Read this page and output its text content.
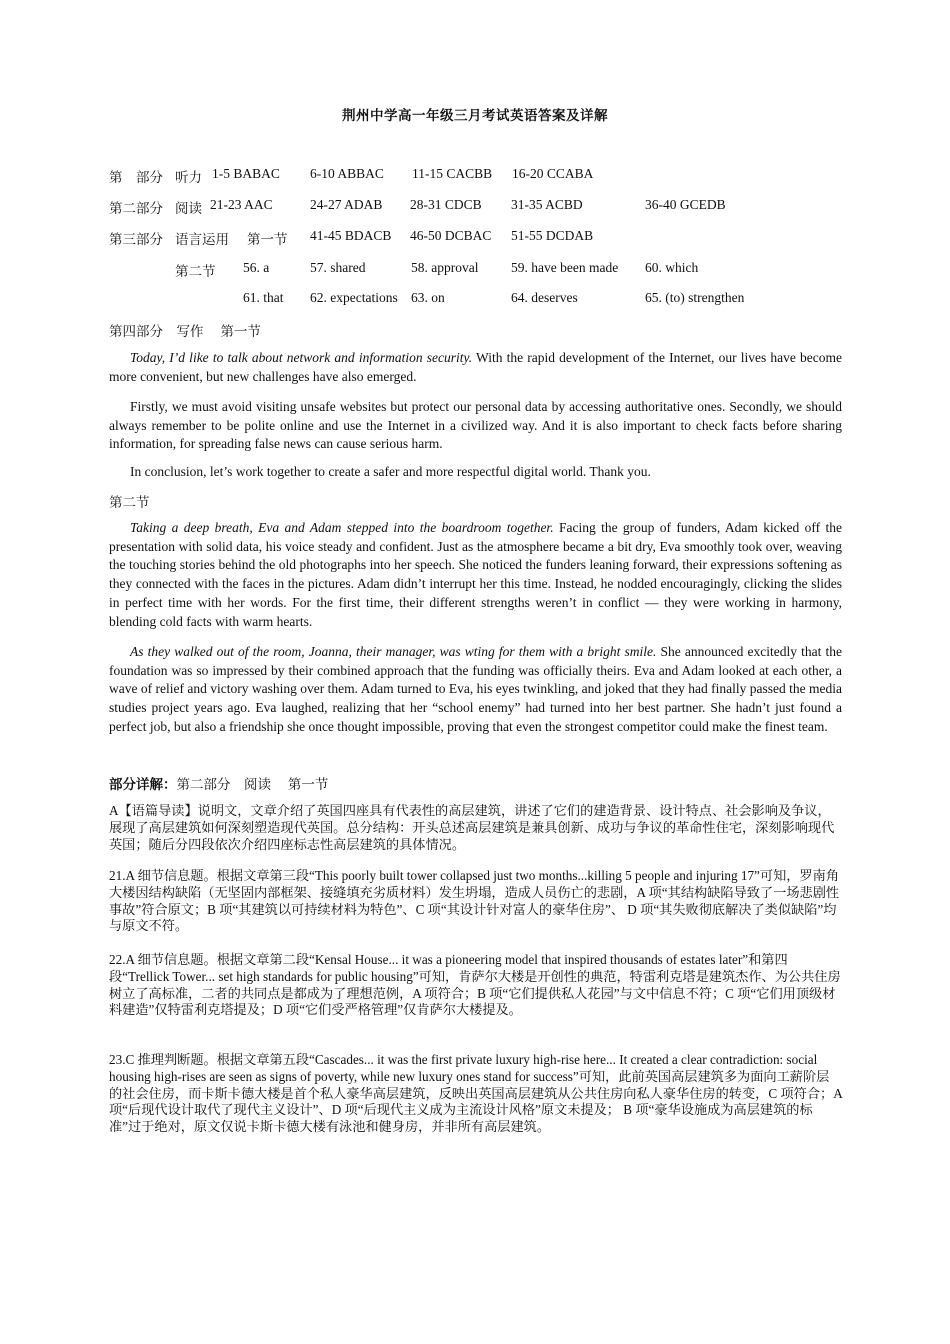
荆州中学高一年级三月考试英语答案及详解
第　部分 听力 1-5 BABAC 6-10 ABBAC 11-15 CACBB 16-20 CCABA
第二部分 阅读 21-23 AAC	24-27 ADAB 28-31 CDCB 31-35 ACBD	36-40 GCEDB
第三部分 语言运用 第一节 41-45 BDACB 46-50 DCBAC 51-55 DCDAB
第二节 56. a	57. shared	58. approval 59. have been made 60. which
61. that 62. expectations 63. on	64. deserves	65. (to) strengthen
第四部分　写作　 第一节

Today, I’d like to talk about network and information security. With the rapid development of the Internet, our lives have become more convenient, but new challenges have also emerged.

Firstly, we must avoid visiting unsafe websites but protect our personal data by accessing authoritative ones. Secondly, we should always remember to be polite online and use the Internet in a civilized way. And it is also important to check facts before sharing information, for spreading false news can cause serious harm.

In conclusion, let’s work together to create a safer and more respectful digital world. Thank you.

第二节

Taking a deep breath, Eva and Adam stepped into the boardroom together. Facing the group of funders, Adam kicked off the presentation with solid data, his voice steady and confident. Just as the atmosphere became a bit dry, Eva smoothly took over, weaving the touching stories behind the old photographs into her speech. She noticed the funders leaning forward, their expressions softening as they connected with the faces in the pictures. Adam didn’t interrupt her this time. Instead, he nodded encouragingly, clicking the slides in perfect time with her words. For the first time, their different strengths weren’t in conflict — they were working in harmony, blending cold facts with warm hearts.

As they walked out of the room, Joanna, their manager, was wting for them with a bright smile. She announced excitedly that the foundation was so impressed by their combined approach that the funding was officially theirs. Eva and Adam looked at each other, a wave of relief and victory washing over them. Adam turned to Eva, his eyes twinkling, and joked that they had finally passed the media studies project years ago. Eva laughed, realizing that her “school enemy” had turned into her best partner. She hadn’t just found a perfect job, but also a friendship she once thought impossible, proving that even the strongest competitor could make the finest team.

部分详解：第二部分　阅读　 第一节

A【语篇导读】说明文，文章介绍了英国四座具有代表性的高层建筑，讲述了它们的建造背景、设计特点、社会影响及争议，展现了高层建筑如何深刻塑造现代英国。总分结构：开头总述高层建筑是兼具创新、成功与争议的革命性住宅，深刻影响现代英国；随后分四段依次介绍四座标志性高层建筑的具体情况。

21.A 细节信息题。根据文章第三段“This poorly built tower collapsed just two months...killing 5 people and injuring 17”可知，罗南角大楼因结构缺陷（无坚固内部框架、接缝填充劣质材料）发生坍塌，造成人员伤亡的悲剧，A 项“其结构缺陷导致了一场悲剧性事故”符合原文；B 项“其建筑以可持续材料为特色”、C 项“其设计针对富人的豪华住房”、 D 项“其失败彻底解决了类似缺陷”均与原文不符。

22.A 细节信息题。根据文章第二段“Kensal House... it was a pioneering model that inspired thousands of estates later”和第四段“Trellick Tower... set high standards for public housing”可知，肯萨尔大楼是开创性的典范，特雷利克塔是建筑杰作、为公共住房树立了高标准，二者的共同点是都成为了理想范例，A 项符合；B 项“它们提供私人花园”与文中信息不符；C 项“它们用顶级材料建造”仅特雷利克塔提及；D 项“它们受严格管理”仅肯萨尔大楼提及。

23.C 推理判断题。根据文章第五段“Cascades... it was the first private luxury high-rise here... It created a clear contradiction: social housing high-rises are seen as signs of poverty, while new luxury ones stand for success”可知，此前英国高层建筑多为面向工薪阶层的社会住房，而卡斯卡德大楼是首个私人豪华高层建筑，反映出英国高层建筑从公共住房向私人豪华住房的转变，C 项符合；A 项“后现代设计取代了现代主义设计”、D 项“后现代主义成为主流设计风格”原文未提及； B 项“豪华设施成为高层建筑的标准”过于绝对，原文仅说卡斯卡德大楼有泳池和健身房，并非所有高层建筑。
